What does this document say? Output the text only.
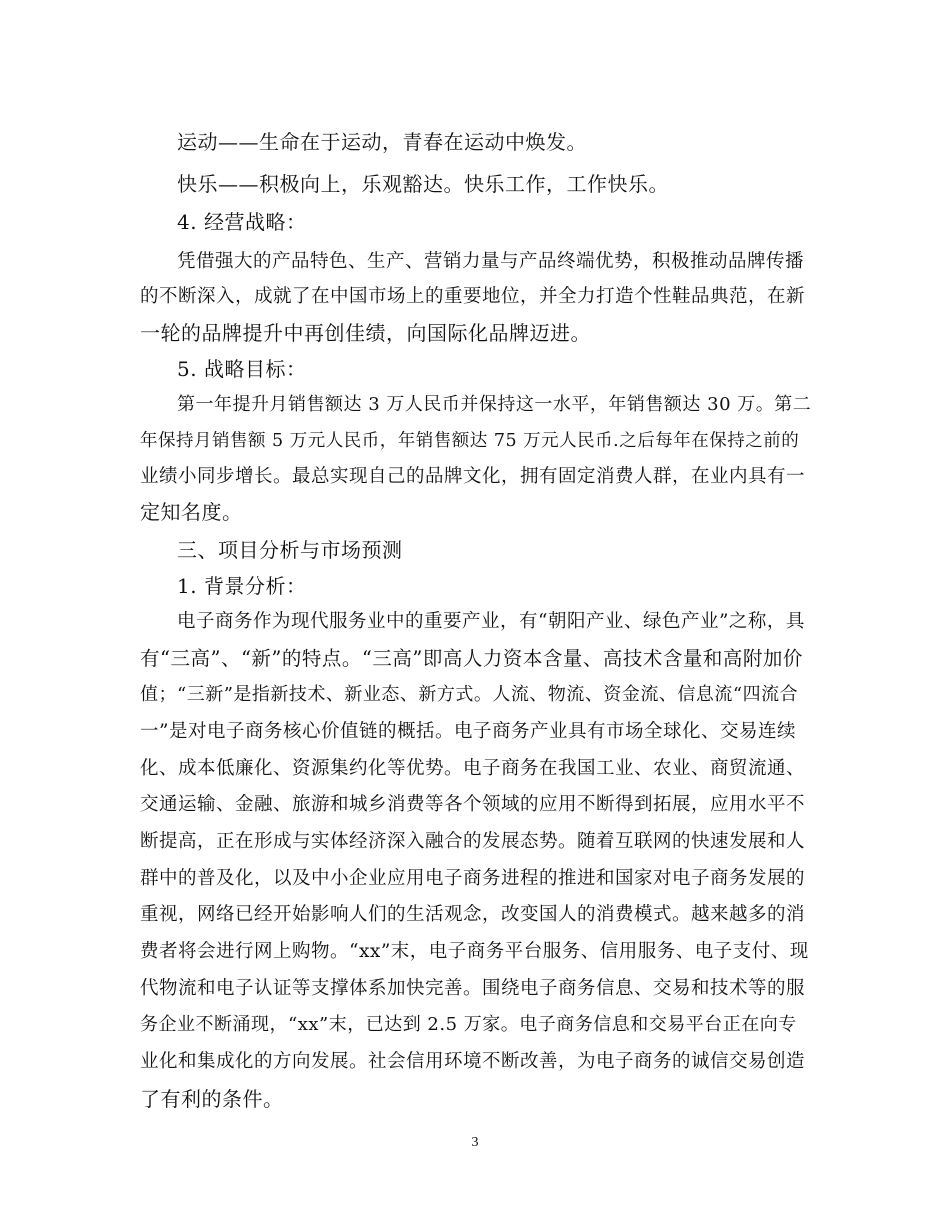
运动——生命在于运动，青春在运动中焕发。
快乐——积极向上，乐观豁达。快乐工作，工作快乐。
4. 经营战略：
凭借强大的产品特色、生产、营销力量与产品终端优势，积极推动品牌传播
的不断深入，成就了在中国市场上的重要地位，并全力打造个性鞋品典范，在新
一轮的品牌提升中再创佳绩，向国际化品牌迈进。
5. 战略目标：
第一年提升月销售额达 3 万人民币并保持这一水平，年销售额达 30 万。第二
年保持月销售额 5 万元人民币，年销售额达 75 万元人民币.之后每年在保持之前的
业绩小同步增长。最总实现自己的品牌文化，拥有固定消费人群，在业内具有一
定知名度。
三、项目分析与市场预测
1. 背景分析：
电子商务作为现代服务业中的重要产业，有“朝阳产业、绿色产业”之称，具
有“三高”、“新”的特点。“三高”即高人力资本含量、高技术含量和高附加价
值；“三新”是指新技术、新业态、新方式。人流、物流、资金流、信息流“四流合
一”是对电子商务核心价值链的概括。电子商务产业具有市场全球化、交易连续
化、成本低廉化、资源集约化等优势。电子商务在我国工业、农业、商贸流通、
交通运输、金融、旅游和城乡消费等各个领域的应用不断得到拓展，应用水平不
断提高，正在形成与实体经济深入融合的发展态势。随着互联网的快速发展和人
群中的普及化，以及中小企业应用电子商务进程的推进和国家对电子商务发展的
重视，网络已经开始影响人们的生活观念，改变国人的消费模式。越来越多的消
费者将会进行网上购物。“xx”末，电子商务平台服务、信用服务、电子支付、现
代物流和电子认证等支撑体系加快完善。围绕电子商务信息、交易和技术等的服
务企业不断涌现，“xx”末，已达到 2.5 万家。电子商务信息和交易平台正在向专
业化和集成化的方向发展。社会信用环境不断改善，为电子商务的诚信交易创造
了有利的条件。
3
